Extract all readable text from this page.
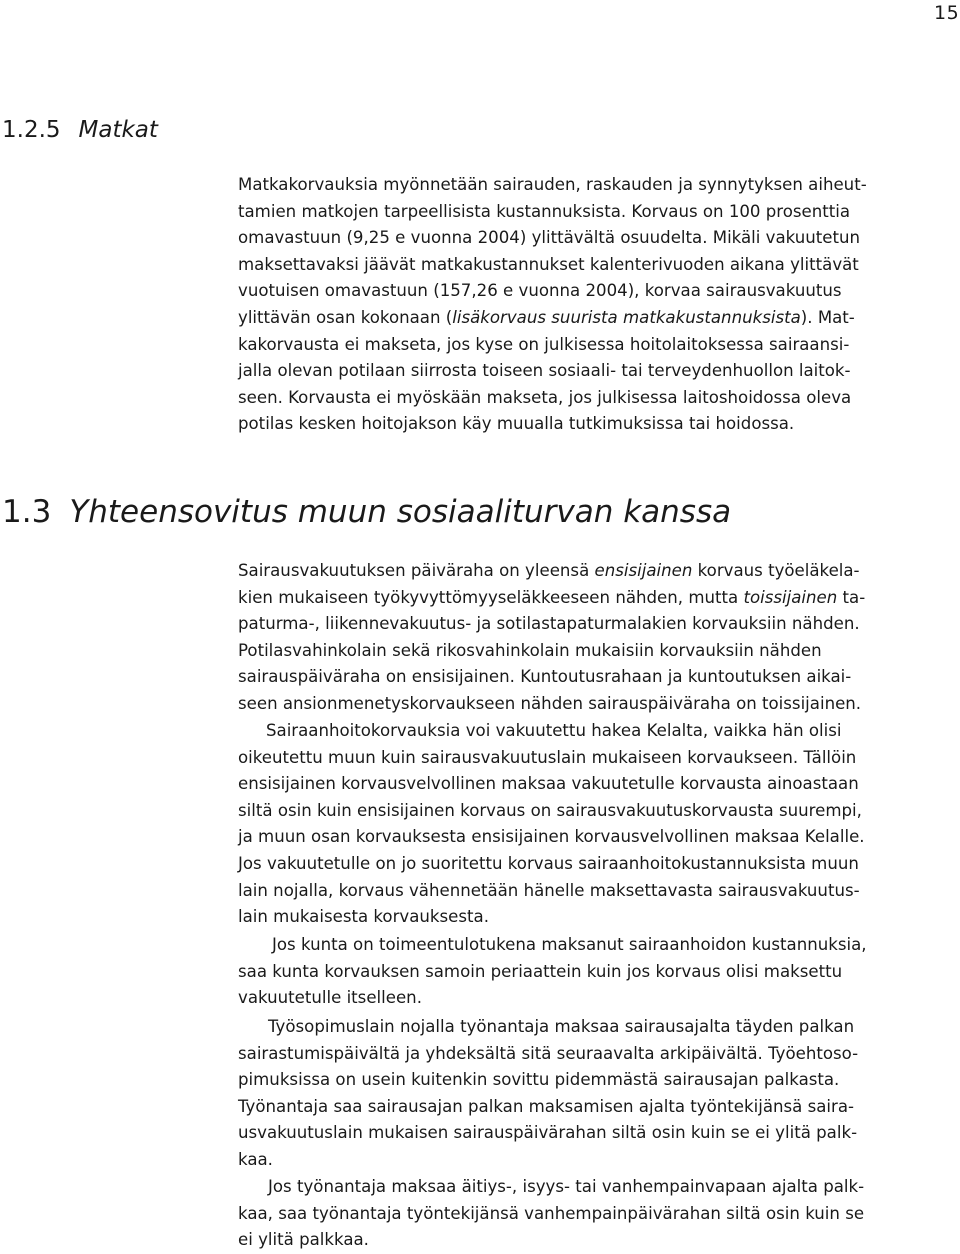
15
1.2.5 Matkat

Matkakorvauksia myönnetään sairauden, raskauden ja synnytyksen aiheut-
tamien matkojen tarpeellisista kustannuksista. Korvaus on 100 prosenttia
omavastuun (9,25 e vuonna 2004) ylittävältä osuudelta. Mikäli vakuutetun
maksettavaksi jäävät matkakustannukset kalenterivuoden aikana ylittävät
vuotuisen omavastuun (157,26 e vuonna 2004), korvaa sairausvakuutus
ylittävän osan kokonaan (lisäkorvaus suurista matkakustannuksista). Mat-
kakorvausta ei makseta, jos kyse on julkisessa hoitolaitoksessa sairaansi-
jalla olevan potilaan siirrosta toiseen sosiaali- tai terveydenhuollon laitok-
seen. Korvausta ei myöskään makseta, jos julkisessa laitoshoidossa oleva
potilas kesken hoitojakson käy muualla tutkimuksissa tai hoidossa.

1.3 Yhteensovitus muun sosiaaliturvan kanssa

Sairausvakuutuksen päiväraha on yleensä ensisijainen korvaus työeläkela-
kien mukaiseen työkyvyttömyyseläkkeeseen nähden, mutta toissijainen ta-
paturma-, liikennevakuutus- ja sotilastapaturmalakien korvauksiin nähden.
Potilasvahinkolain sekä rikosvahinkolain mukaisiin korvauksiin nähden
sairauspäiväraha on ensisijainen. Kuntoutusrahaan ja kuntoutuksen aikai-
seen ansionmenetyskorvaukseen nähden sairauspäiväraha on toissijainen.

Sairaanhoitokorvauksia voi vakuutettu hakea Kelalta, vaikka hän olisi
oikeutettu muun kuin sairausvakuutuslain mukaiseen korvaukseen. Tällöin
ensisijainen korvausvelvollinen maksaa vakuutetulle korvausta ainoastaan
siltä osin kuin ensisijainen korvaus on sairausvakuutuskorvausta suurempi,
ja muun osan korvauksesta ensisijainen korvausvelvollinen maksaa Kelalle.
Jos vakuutetulle on jo suoritettu korvaus sairaanhoitokustannuksista muun
lain nojalla, korvaus vähennetään hänelle maksettavasta sairausvakuutus-
lain mukaisesta korvauksesta.

Jos kunta on toimeentulotukena maksanut sairaanhoidon kustannuksia,
saa kunta korvauksen samoin periaattein kuin jos korvaus olisi maksettu
vakuutetulle itselleen.

Työsopimuslain nojalla työnantaja maksaa sairausajalta täyden palkan
sairastumispäivältä ja yhdeksältä sitä seuraavalta arkipäivältä. Työehtoso-
pimuksissa on usein kuitenkin sovittu pidemmästä sairausajan palkasta.
Työnantaja saa sairausajan palkan maksamisen ajalta työntekijänsä saira-
usvakuutuslain mukaisen sairauspäivärahan siltä osin kuin se ei ylitä palk-
kaa.

Jos työnantaja maksaa äitiys-, isyys- tai vanhempainvapaan ajalta palk-
kaa, saa työnantaja työntekijänsä vanhempainpäivärahan siltä osin kuin se
ei ylitä palkkaa.
